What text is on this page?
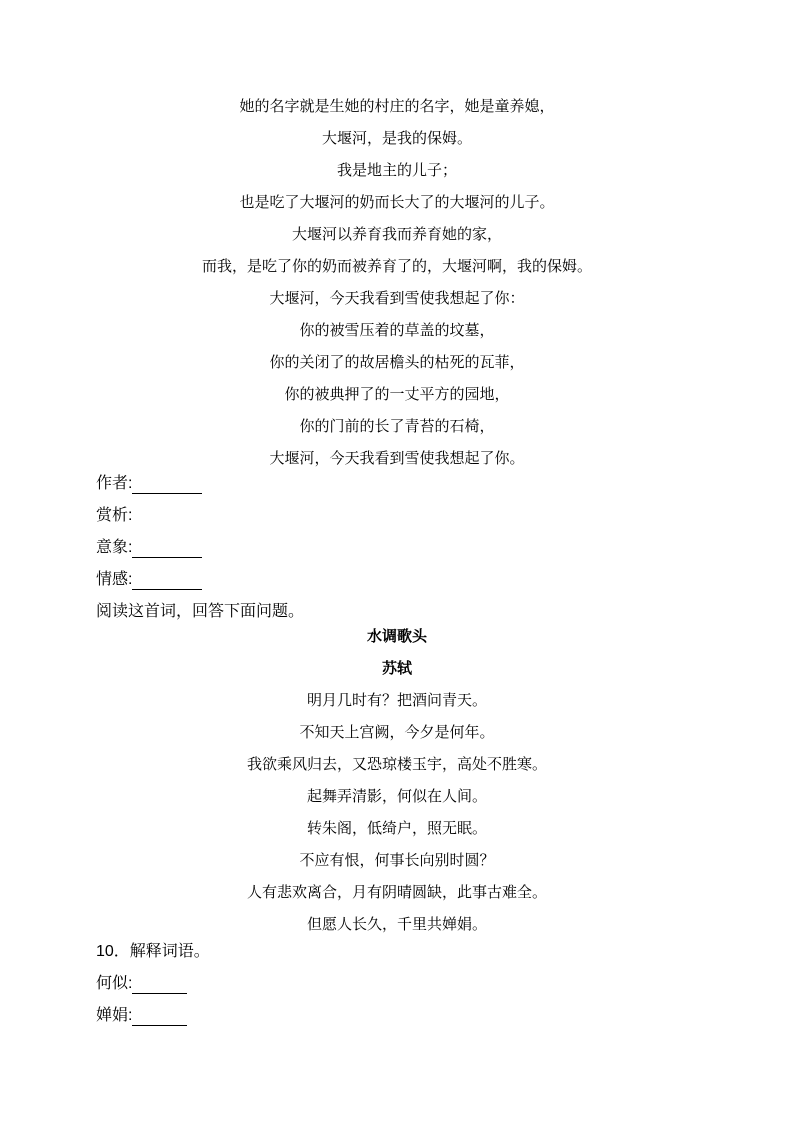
她的名字就是生她的村庄的名字，她是童养媳，
大堰河，是我的保姆。
我是地主的儿子；
也是吃了大堰河的奶而长大了的大堰河的儿子。
大堰河以养育我而养育她的家，
而我，是吃了你的奶而被养育了的，大堰河啊，我的保姆。
大堰河，今天我看到雪使我想起了你：
你的被雪压着的草盖的坟墓，
你的关闭了的故居檐头的枯死的瓦菲，
你的被典押了的一丈平方的园地，
你的门前的长了青苔的石椅，
大堰河，今天我看到雪使我想起了你。
作者:
赏析:
意象:
情感:
阅读这首词，回答下面问题。
水调歌头
苏轼
明月几时有？把酒问青天。
不知天上宫阙，今夕是何年。
我欲乘风归去，又恐琼楼玉宇，高处不胜寒。
起舞弄清影，何似在人间。
转朱阁，低绮户，照无眠。
不应有恨，何事长向别时圆？
人有悲欢离合，月有阴晴圆缺，此事古难全。
但愿人长久，千里共婵娟。
10．解释词语。
何似:
婵娟:
